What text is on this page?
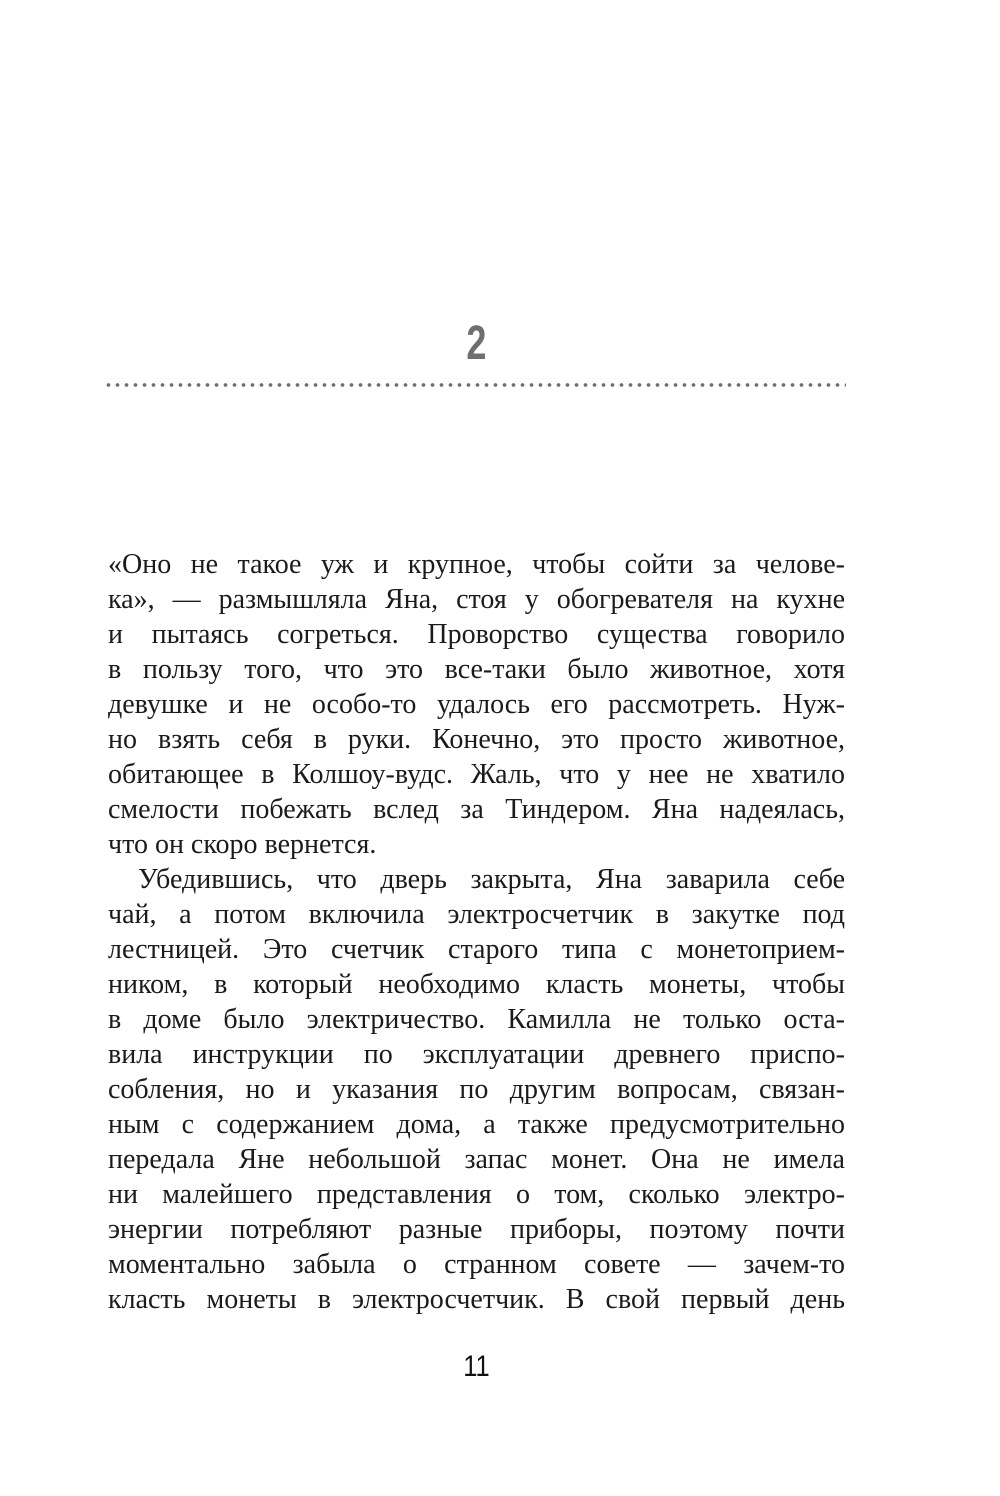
2
«Оно не такое уж и крупное, чтобы сойти за челове-
ка», — размышляла Яна, стоя у обогревателя на кухне
и пытаясь согреться. Проворство существа говорило
в пользу того, что это все-таки было животное, хотя
девушке и не особо-то удалось его рассмотреть. Нуж-
но взять себя в руки. Конечно, это просто животное,
обитающее в Колшоу-вудс. Жаль, что у нее не хватило
смелости побежать вслед за Тиндером. Яна надеялась,
что он скоро вернется.
Убедившись, что дверь закрыта, Яна заварила себе
чай, а потом включила электросчетчик в закутке под
лестницей. Это счетчик старого типа с монетоприем-
ником, в который необходимо класть монеты, чтобы
в доме было электричество. Камилла не только оста-
вила инструкции по эксплуатации древнего приспо-
собления, но и указания по другим вопросам, связан-
ным с содержанием дома, а также предусмотрительно
передала Яне небольшой запас монет. Она не имела
ни малейшего представления о том, сколько электро-
энергии потребляют разные приборы, поэтому почти
моментально забыла о странном совете — зачем-то
класть монеты в электросчетчик. В свой первый день
11
